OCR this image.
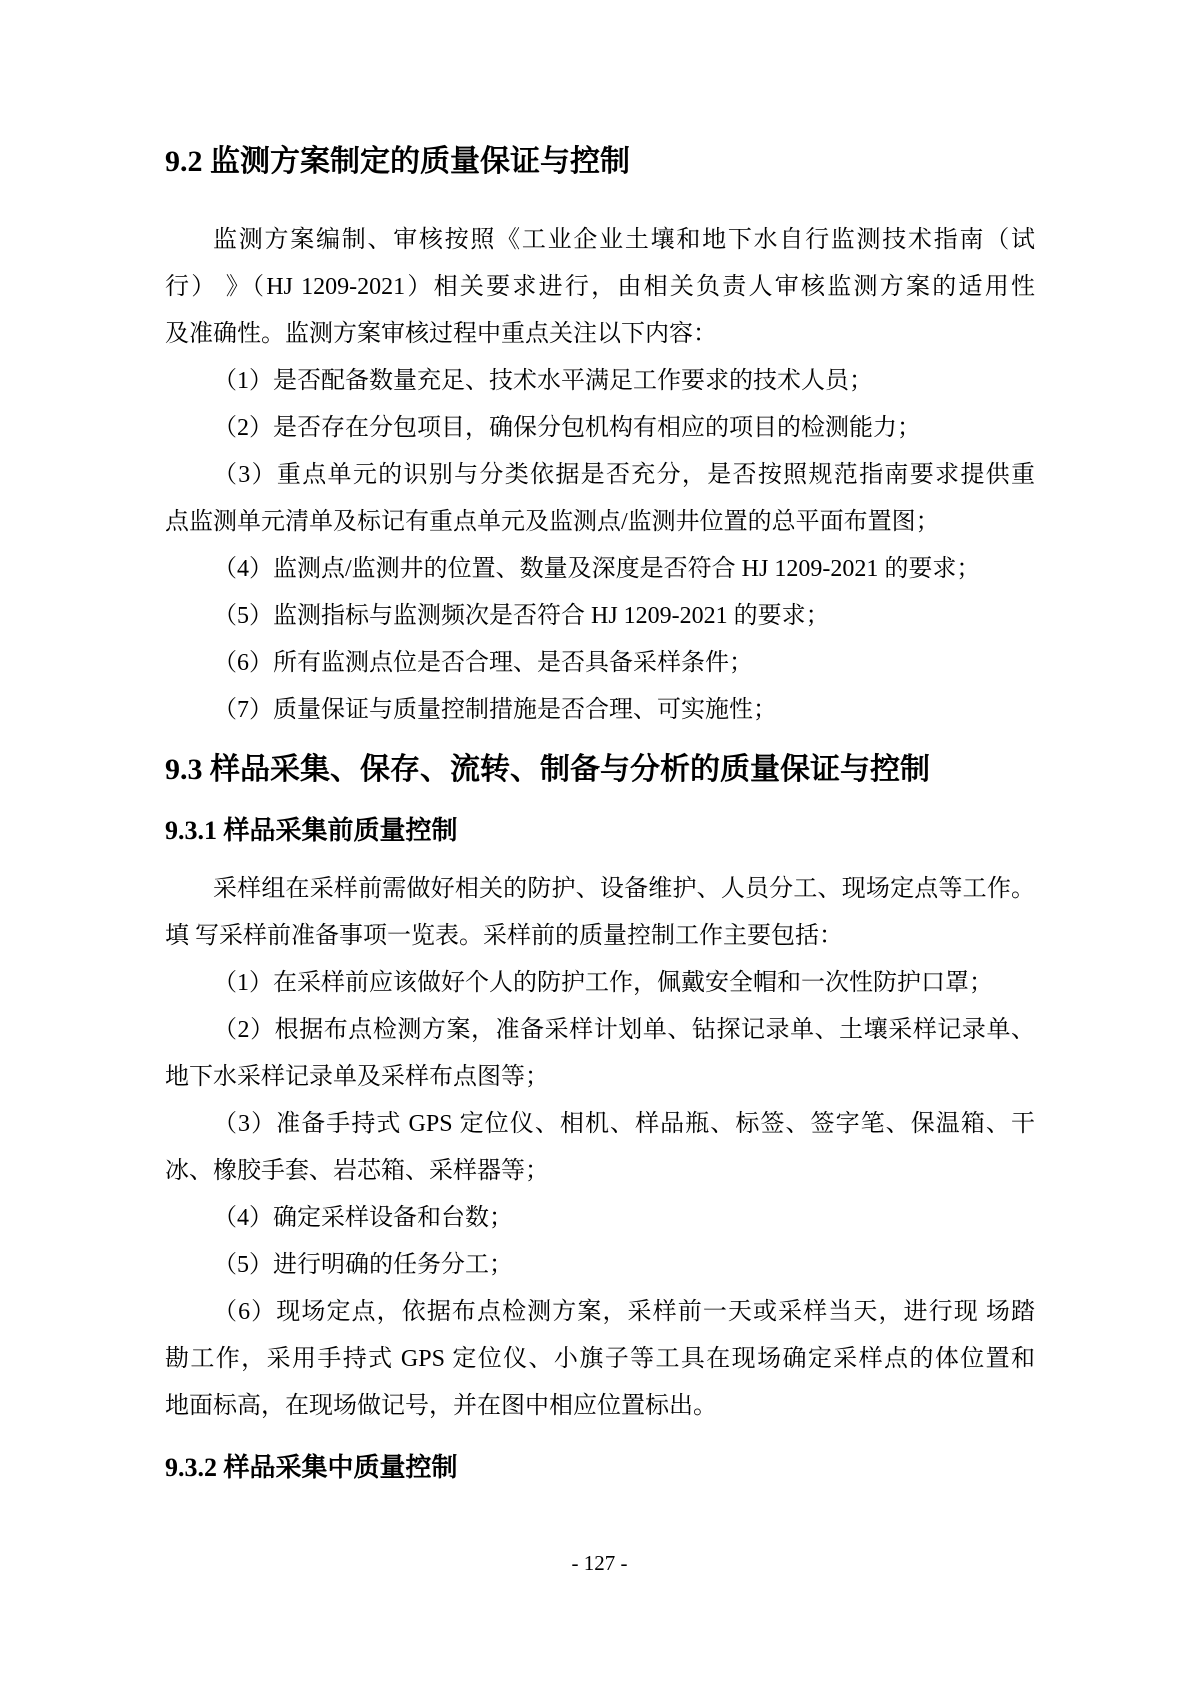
9.2 监测方案制定的质量保证与控制
监测方案编制、审核按照《工业企业土壤和地下水自行监测技术指南（试
行） 》（HJ 1209-2021）相关要求进行，由相关负责人审核监测方案的适用性
及准确性。监测方案审核过程中重点关注以下内容：
（1）是否配备数量充足、技术水平满足工作要求的技术人员；
（2）是否存在分包项目，确保分包机构有相应的项目的检测能力；
（3）重点单元的识别与分类依据是否充分，是否按照规范指南要求提供重
点监测单元清单及标记有重点单元及监测点/监测井位置的总平面布置图；
（4）监测点/监测井的位置、数量及深度是否符合 HJ 1209-2021 的要求；
（5）监测指标与监测频次是否符合 HJ 1209-2021 的要求；
（6）所有监测点位是否合理、是否具备采样条件；
（7）质量保证与质量控制措施是否合理、可实施性；
9.3 样品采集、保存、流转、制备与分析的质量保证与控制
9.3.1 样品采集前质量控制
采样组在采样前需做好相关的防护、设备维护、人员分工、现场定点等工作。
填 写采样前准备事项一览表。采样前的质量控制工作主要包括：
（1）在采样前应该做好个人的防护工作，佩戴安全帽和一次性防护口罩；
（2）根据布点检测方案，准备采样计划单、钻探记录单、土壤采样记录单、
地下水采样记录单及采样布点图等；
（3）准备手持式 GPS 定位仪、相机、样品瓶、标签、签字笔、保温箱、干
冰、橡胶手套、岩芯箱、采样器等；
（4）确定采样设备和台数；
（5）进行明确的任务分工；
（6）现场定点，依据布点检测方案，采样前一天或采样当天，进行现 场踏
勘工作，采用手持式 GPS 定位仪、小旗子等工具在现场确定采样点的体位置和
地面标高，在现场做记号，并在图中相应位置标出。
9.3.2 样品采集中质量控制
- 127 -
